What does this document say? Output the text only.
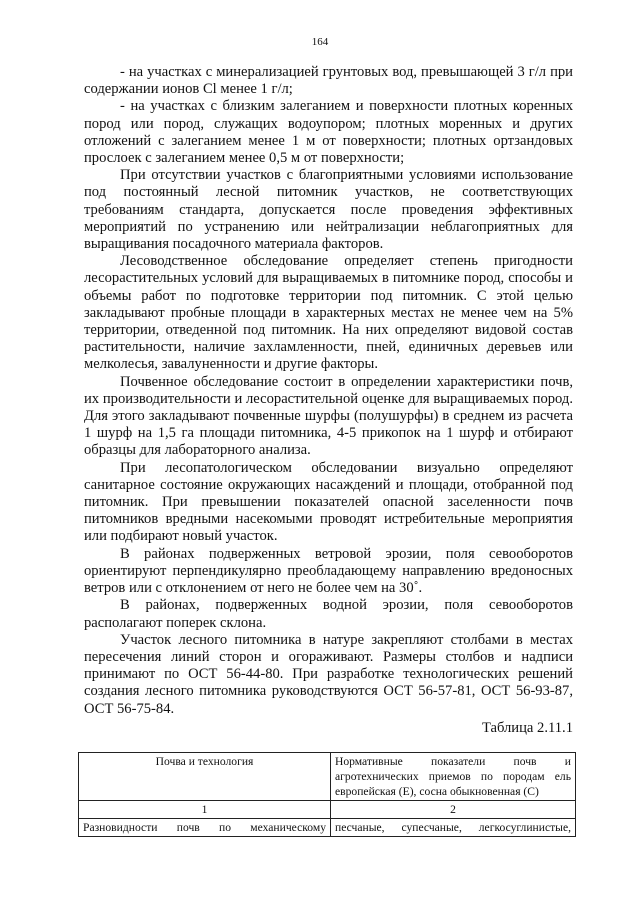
164

- на участках с минерализацией грунтовых вод, превышающей 3 г/л при содержании ионов Cl менее 1 г/л;

- на участках с близким залеганием и поверхности плотных коренных пород или пород, служащих водоупором; плотных моренных и других отложений с залеганием менее 1 м от поверхности; плотных ортзандовых прослоек с залеганием менее 0,5 м от поверхности;

При отсутствии участков с благоприятными условиями использование под постоянный лесной питомник участков, не соответствующих требованиям стандарта, допускается после проведения эффективных мероприятий по устранению или нейтрализации неблагоприятных для выращивания посадочного материала факторов.

Лесоводственное обследование определяет степень пригодности лесорастительных условий для выращиваемых в питомнике пород, способы и объемы работ по подготовке территории под питомник. С этой целью закладывают пробные площади в характерных местах не менее чем на 5% территории, отведенной под питомник. На них определяют видовой состав растительности, наличие захламленности, пней, единичных деревьев или мелколесья, завалуненности и другие факторы.

Почвенное обследование состоит в определении характеристики почв, их производительности и лесорастительной оценке для выращиваемых пород. Для этого закладывают почвенные шурфы (полушурфы) в среднем из расчета 1 шурф на 1,5 га площади питомника, 4-5 прикопок на 1 шурф и отбирают образцы для лабораторного анализа.

При лесопатологическом обследовании визуально определяют санитарное состояние окружающих насаждений и площади, отобранной под питомник. При превышении показателей опасной заселенности почв питомников вредными насекомыми проводят истребительные мероприятия или подбирают новый участок.

В районах подверженных ветровой эрозии, поля севооборотов ориентируют перпендикулярно преобладающему направлению вредоносных ветров или с отклонением от него не более чем на 30˚.

В районах, подверженных водной эрозии, поля севооборотов располагают поперек склона.

Участок лесного питомника в натуре закрепляют столбами в местах пересечения линий сторон и огораживают. Размеры столбов и надписи принимают по ОСТ 56-44-80. При разработке технологических решений создания лесного питомника руководствуются ОСТ 56-57-81, ОСТ 56-93-87, ОСТ 56-75-84.

Таблица 2.11.1
Почва и технология	Нормативные показатели почв и агротехнических приемов по породам ель европейская (Е), сосна обыкновенная (С)
1	2
Разновидности почв по механическому	песчаные, супесчаные, легкосуглинистые,
